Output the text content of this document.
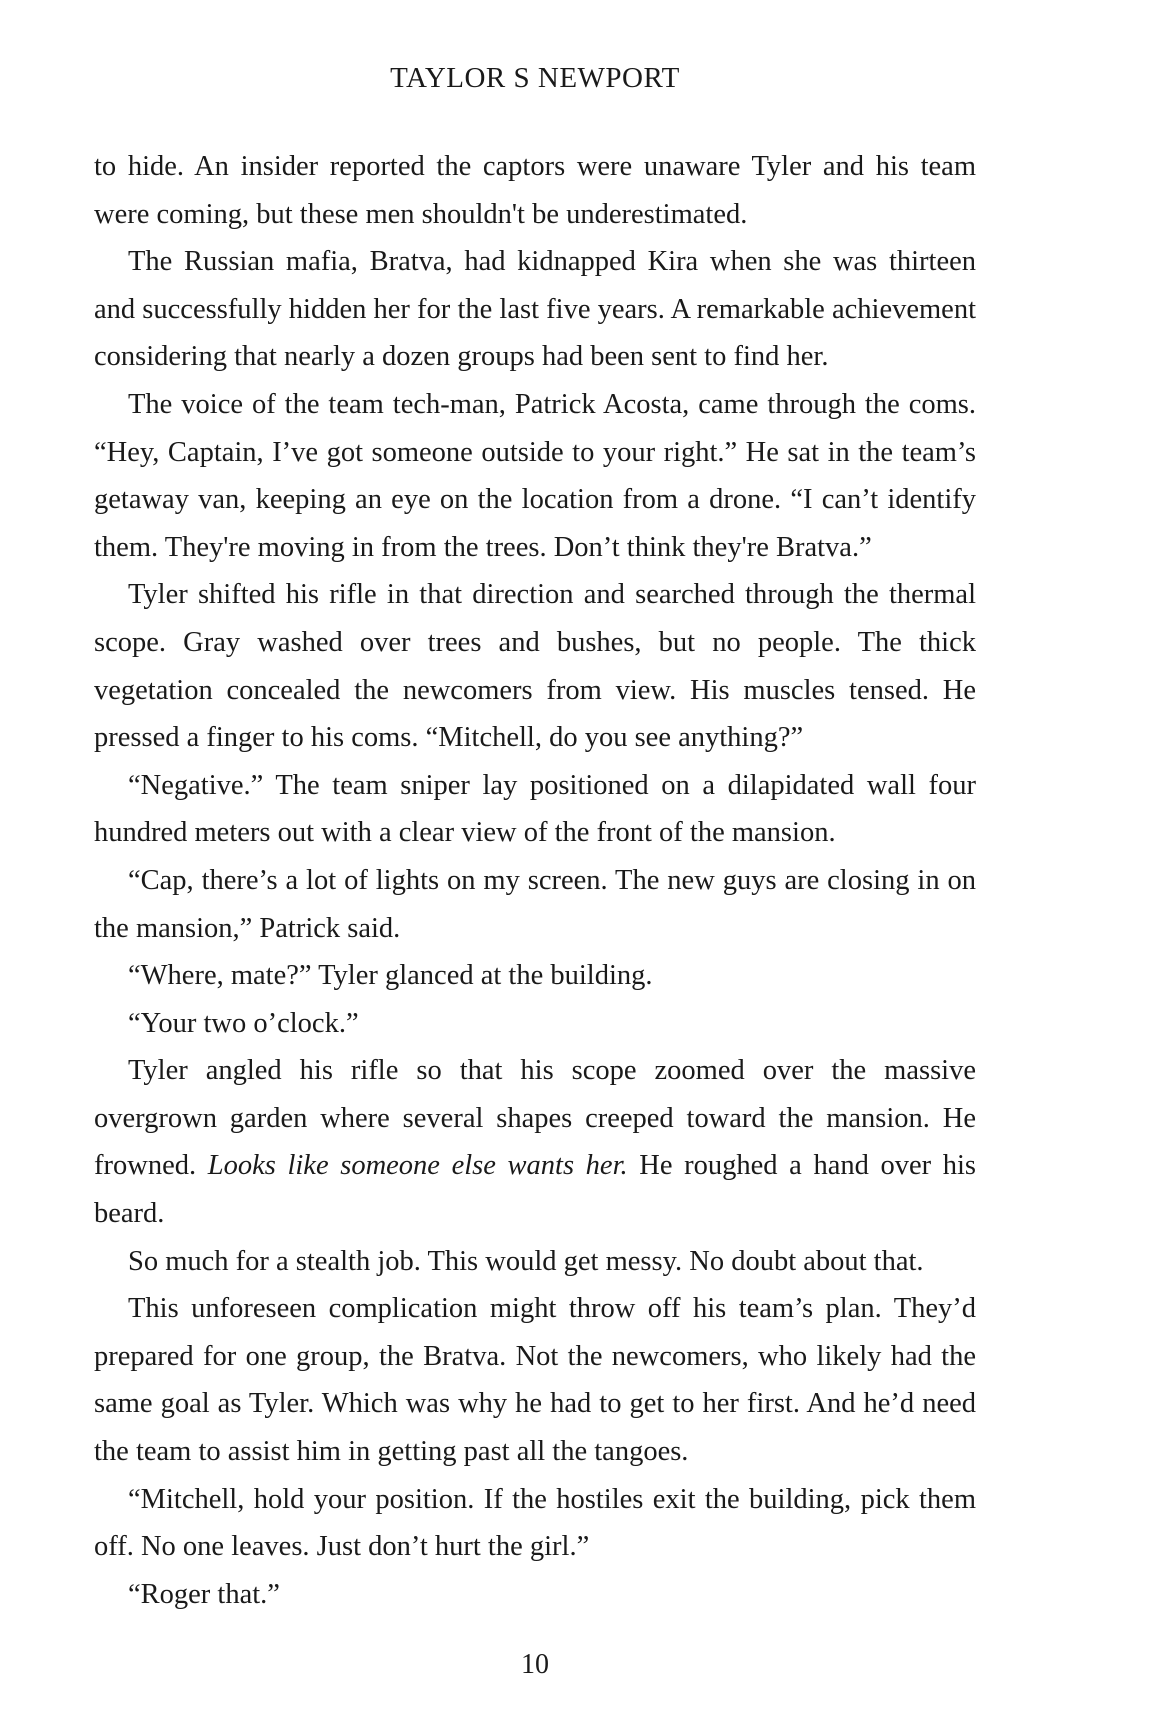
TAYLOR S NEWPORT

to hide. An insider reported the captors were unaware Tyler and his team were coming, but these men shouldn't be underestimated.

The Russian mafia, Bratva, had kidnapped Kira when she was thirteen and successfully hidden her for the last five years. A remarkable achievement considering that nearly a dozen groups had been sent to find her.

The voice of the team tech-man, Patrick Acosta, came through the coms. “Hey, Captain, I’ve got someone outside to your right.” He sat in the team’s getaway van, keeping an eye on the location from a drone. “I can’t identify them. They're moving in from the trees. Don’t think they're Bratva.”

Tyler shifted his rifle in that direction and searched through the thermal scope. Gray washed over trees and bushes, but no people. The thick vegetation concealed the newcomers from view. His muscles tensed. He pressed a finger to his coms. “Mitchell, do you see anything?”

“Negative.” The team sniper lay positioned on a dilapidated wall four hundred meters out with a clear view of the front of the mansion.

“Cap, there’s a lot of lights on my screen. The new guys are closing in on the mansion,” Patrick said.

“Where, mate?” Tyler glanced at the building.

“Your two o’clock.”

Tyler angled his rifle so that his scope zoomed over the massive overgrown garden where several shapes creeped toward the mansion. He frowned. Looks like someone else wants her. He roughed a hand over his beard.

So much for a stealth job. This would get messy. No doubt about that.

This unforeseen complication might throw off his team’s plan. They’d prepared for one group, the Bratva. Not the newcomers, who likely had the same goal as Tyler. Which was why he had to get to her first. And he’d need the team to assist him in getting past all the tangoes.

“Mitchell, hold your position. If the hostiles exit the building, pick them off. No one leaves. Just don’t hurt the girl.”

“Roger that.”

10
